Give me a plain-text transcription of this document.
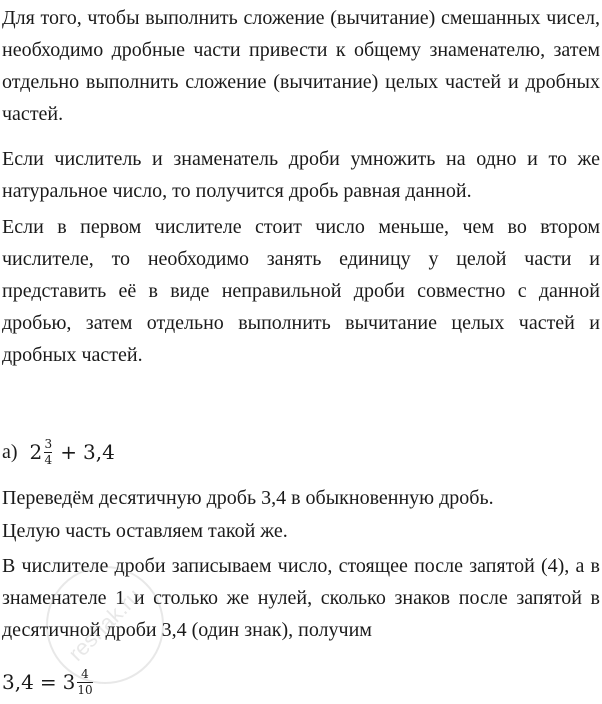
Для того, чтобы выполнить сложение (вычитание) смешанных чисел, необходимо дробные части привести к общему знаменателю, затем отдельно выполнить сложение (вычитание) целых частей и дробных частей.

Если числитель и знаменатель дроби умножить на одно и то же натуральное число, то получится дробь равная данной.

Если в первом числителе стоит число меньше, чем во втором числителе, то необходимо занять единицу у целой части и представить её в виде неправильной дроби совместно с данной дробью, затем отдельно выполнить вычитание целых частей и дробных частей.

а) $2 \frac{3}{4} + 3,4$

Переведём десятичную дробь 3,4 в обыкновенную дробь.

Целую часть оставляем такой же.

В числителе дроби записываем число, стоящее после запятой (4), а в знаменателе 1 и столько же нулей, сколько знаков после запятой в десятичной дроби 3,4 (один знак), получим

$3,4 = 3 \frac{4}{10}$
reshak.ru
